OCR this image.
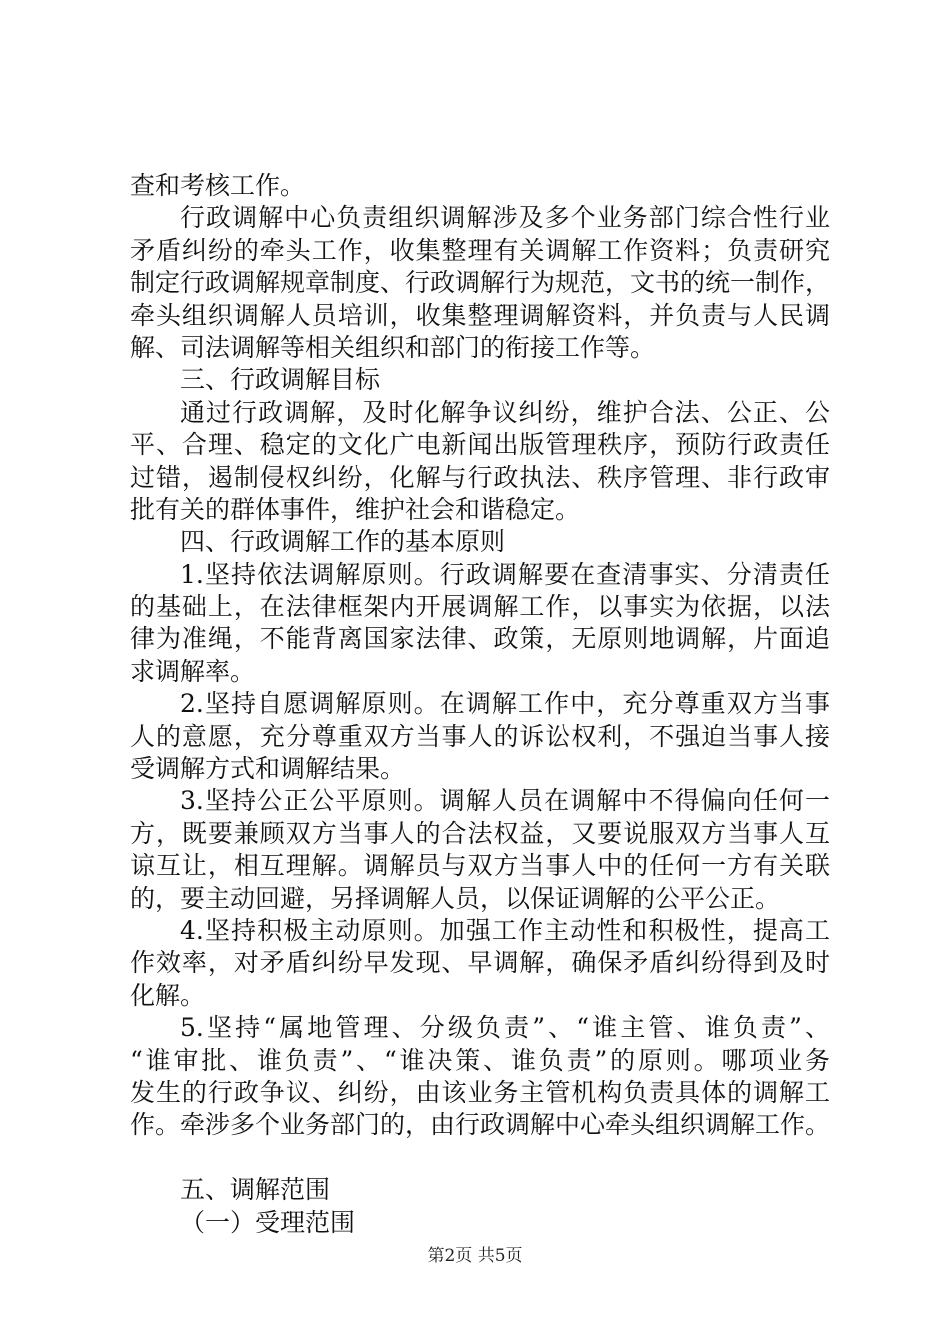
查和考核工作。
行政调解中心负责组织调解涉及多个业务部门综合性行业
矛盾纠纷的牵头工作，收集整理有关调解工作资料；负责研究
制定行政调解规章制度、行政调解行为规范，文书的统一制作，
牵头组织调解人员培训，收集整理调解资料，并负责与人民调
解、司法调解等相关组织和部门的衔接工作等。
三、行政调解目标
通过行政调解，及时化解争议纠纷，维护合法、公正、公
平、合理、稳定的文化广电新闻出版管理秩序，预防行政责任
过错，遏制侵权纠纷，化解与行政执法、秩序管理、非行政审
批有关的群体事件，维护社会和谐稳定。
四、行政调解工作的基本原则
1.坚持依法调解原则。行政调解要在查清事实、分清责任
的基础上，在法律框架内开展调解工作，以事实为依据，以法
律为准绳，不能背离国家法律、政策，无原则地调解，片面追
求调解率。
2.坚持自愿调解原则。在调解工作中，充分尊重双方当事
人的意愿，充分尊重双方当事人的诉讼权利，不强迫当事人接
受调解方式和调解结果。
3.坚持公正公平原则。调解人员在调解中不得偏向任何一
方，既要兼顾双方当事人的合法权益，又要说服双方当事人互
谅互让，相互理解。调解员与双方当事人中的任何一方有关联
的，要主动回避，另择调解人员，以保证调解的公平公正。
4.坚持积极主动原则。加强工作主动性和积极性，提高工
作效率，对矛盾纠纷早发现、早调解，确保矛盾纠纷得到及时
化解。
5.坚持“属地管理、分级负责”、“谁主管、谁负责”、
“谁审批、谁负责”、“谁决策、谁负责”的原则。哪项业务
发生的行政争议、纠纷，由该业务主管机构负责具体的调解工
作。牵涉多个业务部门的，由行政调解中心牵头组织调解工作。
五、调解范围
（一）受理范围
第2页 共5页
